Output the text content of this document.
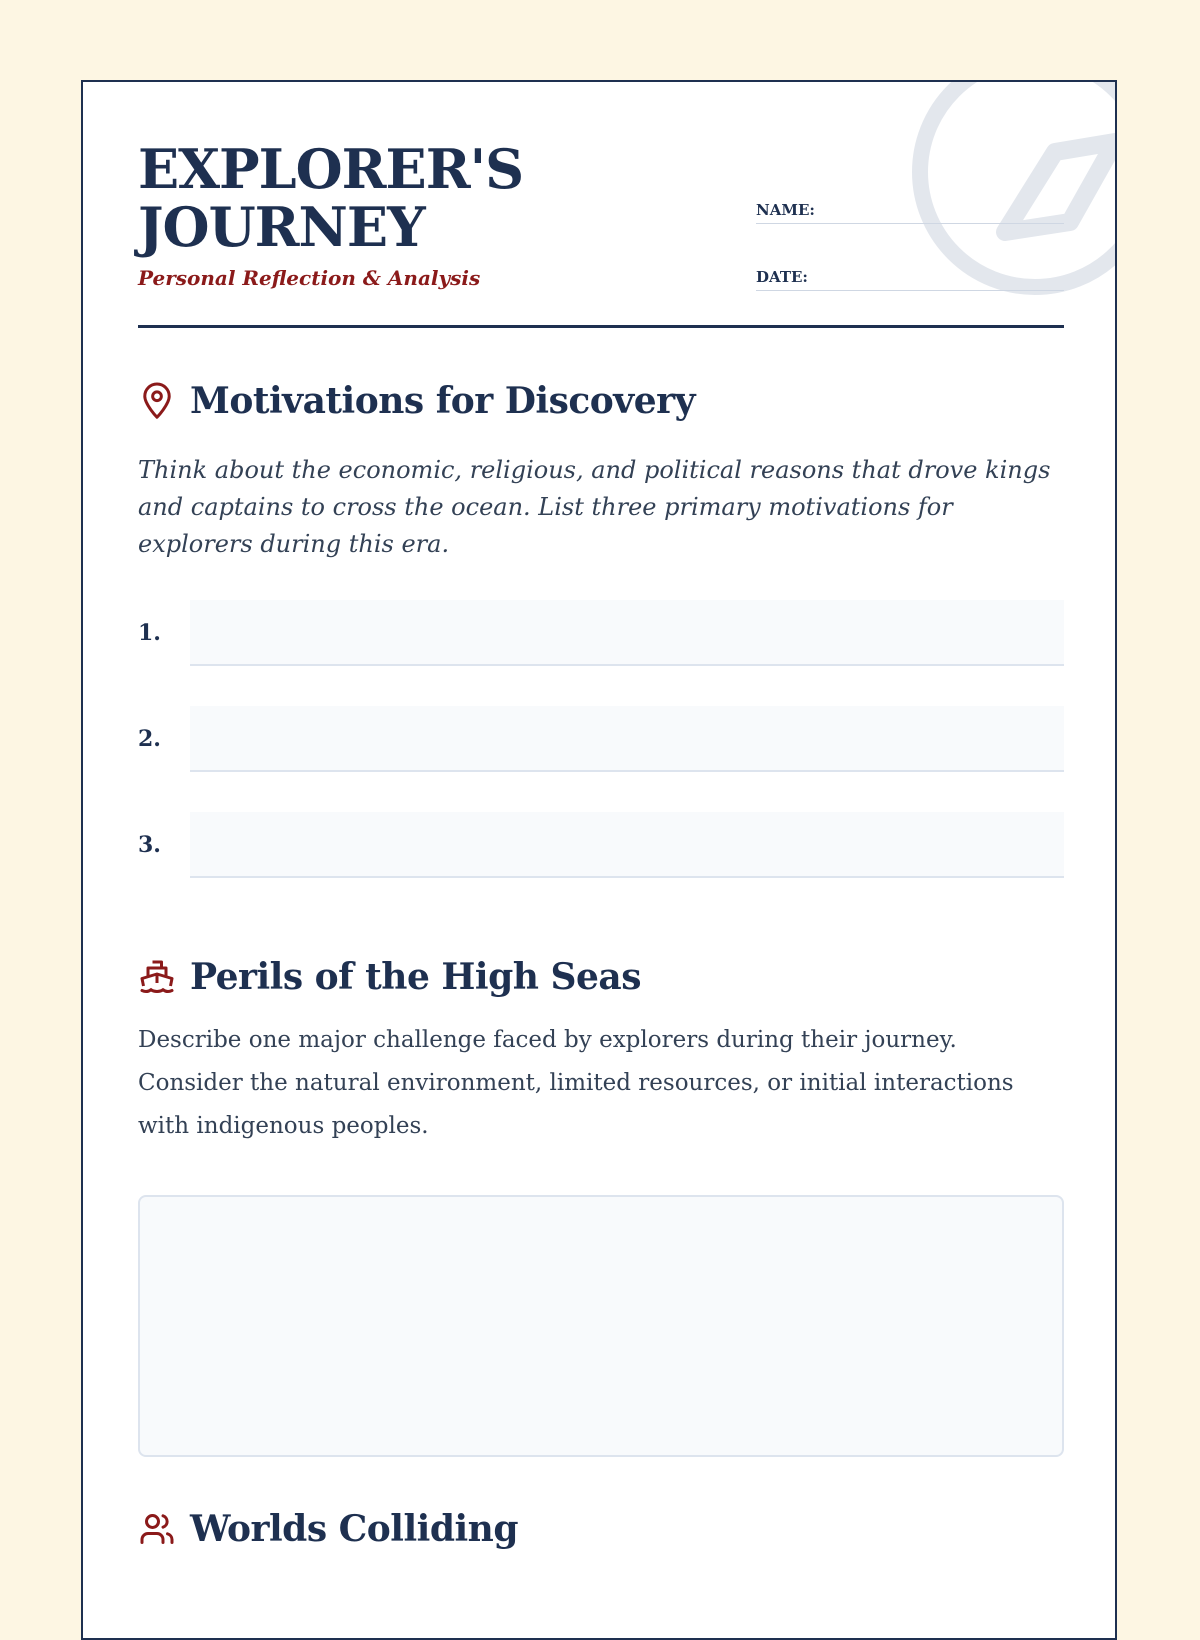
EXPLORER'S
JOURNEY

Personal Reflection & Analysis

NAME:
DATE:
Motivations for Discovery

Think about the economic, religious, and political reasons that drove kings and captains to cross the ocean. List three primary motivations for explorers during this era.

1.
2.
3.
Perils of the High Seas

Describe one major challenge faced by explorers during their journey. Consider the natural environment, limited resources, or initial interactions with indigenous peoples.

Worlds Colliding
